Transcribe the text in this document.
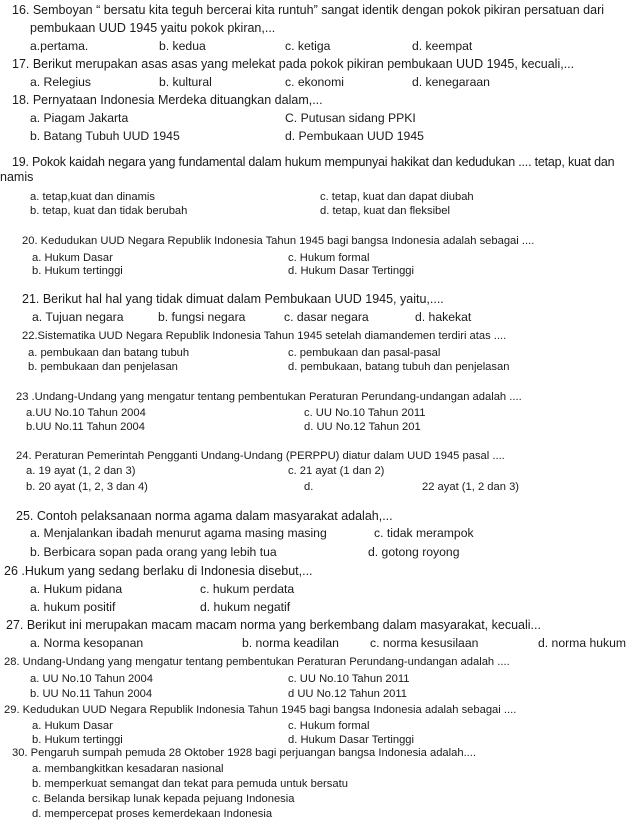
16. Semboyan “ bersatu kita teguh bercerai kita runtuh” sangat identik dengan pokok pikiran persatuan dari
pembukaan UUD 1945 yaitu pokok pkiran,...
a.pertama.	b. kedua	c. ketiga	d. keempat
17. Berikut merupakan asas asas yang melekat pada pokok pikiran pembukaan UUD 1945, kecuali,...
a. Relegius	b. kultural	c. ekonomi	d. kenegaraan
18. Pernyataan Indonesia Merdeka dituangkan dalam,...
a. Piagam Jakarta	C. Putusan sidang PPKI
b. Batang Tubuh UUD 1945	d. Pembukaan UUD 1945
19. Pokok kaidah negara yang fundamental dalam hukum mempunyai hakikat dan kedudukan .... tetap, kuat dan
namis
a. tetap,kuat dan dinamis	c. tetap, kuat dan dapat diubah
b. tetap, kuat dan tidak berubah	d. tetap, kuat dan fleksibel
20. Kedudukan UUD Negara Republik Indonesia Tahun 1945 bagi bangsa Indonesia adalah sebagai ....
a. Hukum Dasar	c. Hukum formal
b. Hukum tertinggi	d. Hukum Dasar Tertinggi
21. Berikut hal hal yang tidak dimuat dalam Pembukaan UUD 1945, yaitu,....
a. Tujuan negara	b. fungsi negara	c. dasar negara	d. hakekat
22.Sistematika UUD Negara Republik Indonesia Tahun 1945 setelah diamandemen terdiri atas ....
a. pembukaan dan batang tubuh	c. pembukaan dan pasal-pasal
b. pembukaan dan penjelasan	d. pembukaan, batang tubuh dan penjelasan
23 .Undang-Undang yang mengatur tentang pembentukan Peraturan Perundang-undangan adalah ....
a.UU No.10 Tahun 2004	c. UU No.10 Tahun 2011
b.UU No.11 Tahun 2004	d. UU No.12 Tahun 201
24. Peraturan Pemerintah Pengganti Undang-Undang (PERPPU) diatur dalam UUD 1945 pasal ....
a. 19 ayat (1, 2 dan 3)	c. 21 ayat (1 dan 2)
b. 20 ayat (1, 2, 3 dan 4)	d.	22 ayat (1, 2 dan 3)
25. Contoh pelaksanaan norma agama dalam masyarakat adalah,...
a. Menjalankan ibadah menurut agama masing masing	c. tidak merampok
b. Berbicara sopan pada orang yang lebih tua	d. gotong royong
26 .Hukum yang sedang berlaku di Indonesia disebut,...
a. Hukum pidana	c. hukum perdata
a. hukum positif	d. hukum negatif
27. Berikut ini merupakan macam macam norma yang berkembang dalam masyarakat, kecuali...
a. Norma kesopanan	b. norma keadilan	c. norma kesusilaan	d. norma hukum
28. Undang-Undang yang mengatur tentang pembentukan Peraturan Perundang-undangan adalah ....
a. UU No.10 Tahun 2004	c. UU No.10 Tahun 2011
b. UU No.11 Tahun 2004	d UU No.12 Tahun 2011
29. Kedudukan UUD Negara Republik Indonesia Tahun 1945 bagi bangsa Indonesia adalah sebagai ....
a. Hukum Dasar	c. Hukum formal
b. Hukum tertinggi	d. Hukum Dasar Tertinggi
30. Pengaruh sumpah pemuda 28 Oktober 1928 bagi perjuangan bangsa Indonesia adalah....
a. membangkitkan kesadaran nasional
b. memperkuat semangat dan tekat para pemuda untuk bersatu
c. Belanda bersikap lunak kepada pejuang Indonesia
d. mempercepat proses kemerdekaan Indonesia
